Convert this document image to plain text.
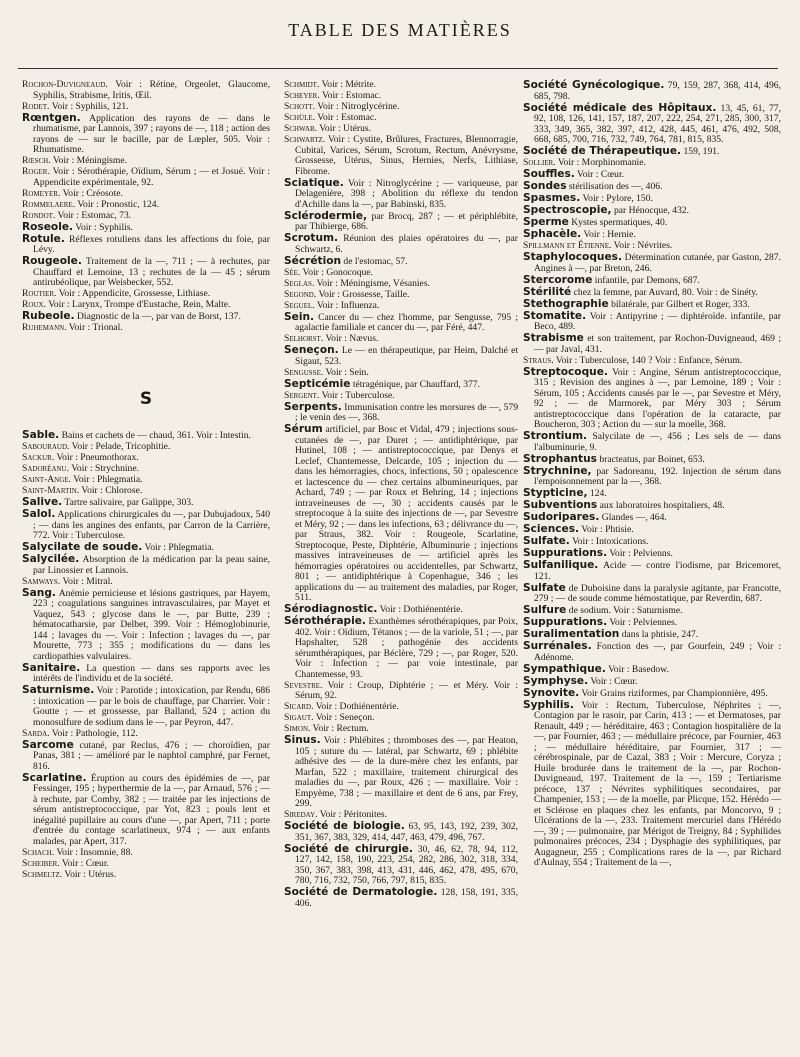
TABLE DES MATIÈRES
Rochon-Duvigneaud. Voir : Rétine, Orgeolet, Glaucome, Syphilis, Strabisme, Iritis, Œil.
Rodet. Voir : Syphilis, 121.
Rœntgen. Application des rayons de — dans le rhumatisme, par Lannois, 397 ; rayons de —, 118 ; action des rayons de — sur le bacille, par de Lœpler, 505. Voir : Rhumatisme.
Rœsch. Voir : Méningisme.
Roger. Voir : Sérothérapie, Oïdium, Sérum ; — et Josué. Voir : Appendicite expérimentale, 92.
Romeyer. Voir : Créosote.
Rommelaere. Voir : Pronostic, 124.
Rondot. Voir : Estomac, 73.
Roseole. Voir : Syphilis.
Rotule. Réflexes rotuliens dans les affections du foie, par Lévy.
Rougeole. Traitement de la —, 711 ; — à rechutes, par Chauffard et Lemoine, 13 ; rechutes de la — 45 ; sérum antirubéolique, par Weisbecker, 552.
Routier. Voir : Appendicite, Grossesse, Lithiase.
Roux. Voir : Larynx, Trompe d'Eustache, Rein, Malte.
Rubeole. Diagnostic de la —, par van de Borst, 137.
Ruhemann. Voir : Trional.
S
Sable. Bains et cachets de — chaud, 361. Voir : Intestin.
Sabouraud. Voir : Pelade, Tricophitie.
Sackur. Voir : Pneumothorax.
Sadoréanu. Voir : Strychnine.
Saint-Ange. Voir : Phlegmatia.
Saint-Martin. Voir : Chlorose.
Salive. Tartre salivaire, par Galippe, 303.
Salol. Applications chirurgicales du —, par Dubujadoux, 540 ; — dans les angines des enfants, par Carron de la Carrière, 772. Voir : Tuberculose.
Salycilate de soude. Voir : Phlegmatia.
Salycilée. Absorption de la médication par la peau saine, par Linossier et Lannois.
Samways. Voir : Mitral.
Sang. Anémie pernicieuse et lésions gastriques, par Hayem, 223 ; coagulations sanguines intravasculaires, par Mayet et Vaquez, 543 ; glycose dans le —, par Butte, 239 ; hématocatharsie, par Delbet, 399. Voir : Hémoglobinurie, 144 ; lavages du —. Voir : Infection ; lavages du —, par Mourette, 773 ; 355 ; modifications du — dans les cardiopathies valvulaires.
Sanitaire. La question — dans ses rapports avec les intérêts de l'individu et de la société.
Saturnisme. Voir : Parotide ; intoxication, par Rendu, 686 : intoxication — par le bois de chauffage, par Charrier. Voir : Goutte ; — et grossesse, par Balland, 524 ; action du monosulfure de sodium dans le —, par Peyron, 447.
Sarda. Voir : Pathologie, 112.
Sarcome cutané, par Reclus, 476 ; — choroïdien, par Panas, 381 ; — amélioré par le naphtol camphré, par Fernet, 816.
Scarlatine. Éruption au cours des épidémies de —, par Fessinger, 195 ; hyperthermie de la —, par Arnaud, 576 ; — à rechute, par Comby, 382 ; — traitée par les injections de sérum antistreptococcique, par Yot, 823 ; pouls lent et inégalité pupillaire au cours d'une —, par Apert, 711 ; porte d'entrée du contage scarlatineux, 974 ; — aux enfants malades, par Apert, 317.
Schach. Voir : Insomnie, 88.
Scheiber. Voir : Cœur.
Schmeltz. Voir : Utérus.
Schmidt. Voir : Métrite.
Scheyer. Voir : Estomac.
Schott. Voir : Nitroglycérine.
Schüle. Voir : Estomac.
Schwab. Voir : Utérus.
Schwartz. Voir : Cystite, Brûlures, Fractures, Blennorragie, Cubital, Varices, Sérum, Scrotum, Rectum, Anévrysme, Grossesse, Utérus, Sinus, Hernies, Nerfs, Lithiase, Fibrome.
Sciatique. Voir : Nitroglycérine ; — variqueuse, par Delagenière, 398 ; Abolition du réflexe du tendon d'Achille dans la —, par Babinski, 835.
Sclérodermie, par Brocq, 287 ; — et périphlébite, par Thibierge, 686.
Scrotum. Réunion des plaies opératoires du —, par Schwartz, 6.
Sécrétion de l'estomac, 57.
Sée. Voir : Gonocoque.
Seglas. Voir : Méningisme, Vésanies.
Segond. Voir : Grossesse, Taille.
Seguel. Voir : Influenza.
Sein. Cancer du — chez l'homme, par Sengusse, 795 ; agalactie familiale et cancer du —, par Féré, 447.
Selhorst. Voir : Nævus.
Seneçon. Le — en thérapeutique, par Heim, Dalché et Sigaut, 523.
Sengusse. Voir : Sein.
Septicémie tétragénique, par Chauffard, 377.
Sergent. Voir : Tuberculose.
Serpents. Immunisation contre les morsures de —, 579 ; le venin des —, 368.
Sérum artificiel, par Bosc et Vidal, 479 ; injections sous-cutanées de —, par Duret ; — antidiphtérique, par Hutinel, 108 ; — antistreptococcique, par Denys et Leclef, Chantemesse, Delcarde, 105 ; injection du — dans les hémorragies, chocs, infections, 50 ; opalescence et lactescence du — chez certains albumineuriques, par Achard, 749 ; — par Roux et Behring, 14 ; injections intraveineuses de —, 30 ; accidents causés par le streptocoque à la suite des injections de —, par Sevestre et Méry, 92 ; — dans les infections, 63 ; délivrance du —, par Straus, 382. Voir : Rougeole, Scarlatine, Streptocoque, Peste, Diphtérie, Albuminurie ; injections massives intraveineuses de — artificiel après les hémorragies opératoires ou accidentelles, par Schwartz, 801 ; — antidiphtérique à Copenhague, 346 ; les applications du — au traitement des maladies, par Roger, 511.
Sérodiagnostic. Voir : Dothiénentérie.
Sérothérapie. Exanthèmes sérothérapiques, par Poix, 402. Voir : Oïdium, Tétanos ; — de la variole, 51 ; —, par Hapshalter, 528 ; pathogénie des accidents sérumthérapiques, par Béclère, 729 ; —, par Roger, 520. Voir : Infection ; — par voie intestinale, par Chantemesse, 93.
Sevestre. Voir : Croup, Diphtérie ; — et Méry. Voir : Sérum, 92.
Sicard. Voir : Dothiénentérie.
Sigaut. Voir : Seneçon.
Simon. Voir : Rectum.
Sinus. Voir : Phlébites ; thromboses des —, par Heaton, 105 ; suture du — latéral, par Schwartz, 69 ; phlébite adhésive des — de la dure-mère chez les enfants, par Marfan, 522 ; maxillaire, traitement chirurgical des maladies du —, par Roux, 426 ; — maxillaire. Voir : Empyème, 738 ; — maxillaire et dent de 6 ans, par Frey, 299.
Sireday. Voir : Péritonites.
Société de biologie. 63, 95, 143, 192, 239, 302, 351, 367, 383, 329, 414, 447, 463, 479, 496, 767.
Société de chirurgie. 30, 46, 62, 78, 94, 112, 127, 142, 158, 190, 223, 254, 282, 286, 302, 318, 334, 350, 367, 383, 398, 413, 431, 446, 462, 478, 495, 670, 780, 716, 732, 750, 766, 797, 815, 835.
Société de Dermatologie. 128, 158, 191, 335, 406.
Société Gynécologique. 79, 159, 287, 368, 414, 496, 685, 798.
Société médicale des Hôpitaux. 13, 45, 61, 77, 92, 108, 126, 141, 157, 187, 207, 222, 254, 271, 285, 300, 317, 333, 349, 365, 382, 397, 412, 428, 445, 461, 476, 492, 508, 668, 685, 700, 716, 732, 749, 764, 781, 815, 835.
Société de Thérapeutique. 159, 191.
Sollier. Voir : Morphinomanie.
Souffles. Voir : Cœur.
Sondes stérilisation des —, 406.
Spasmes. Voir : Pylore, 150.
Spectroscopie, par Hénocque, 432.
Sperme Kystes spermatiques, 40.
Sphacèle. Voir : Hernie.
Spillmann et Étienne. Voir : Névrites.
Staphylocoques. Détermination cutanée, par Gaston, 287. Angines à —, par Breton, 246.
Stercorome infantile, par Demons, 687.
Stérilité chez la femme, par Auvard, 80. Voir : de Sinéty.
Stethographie bilatérale, par Gilbert et Roger, 333.
Stomatite. Voir : Antipyrine ; — diphtéroïde. infantile, par Beco, 489.
Strabisme et son traitement, par Rochon-Duvigneaud, 469 ; — par Javal, 431.
Straus. Voir : Tuberculose, 140 ? Voir : Enfance, Sérum.
Streptocoque. Voir : Angine, Sérum antistreptococcique, 315 ; Revision des angines à —, par Lemoine, 189 ; Voir : Sérum, 105 ; Accidents causés par le —, par Sevestre et Méry, 92 ; — de Marmorek, par Méry 303 ; Sérum antistreptococcique dans l'opération de la cataracte, par Boucheron, 303 ; Action du — sur la moelle, 368.
Strontium. Salycilate de —, 456 ; Les sels de — dans l'albuminurie, 9.
Strophantus bracteatus, par Boinet, 653.
Strychnine, par Sadoreanu, 192. Injection de sérum dans l'empoisonnement par la —, 368.
Stypticine, 124.
Subventions aux laboratoires hospitaliers, 48.
Sudoripares. Glandes —, 464.
Sciences. Voir : Phtisie.
Sulfate. Voir : Intoxications.
Suppurations. Voir : Pelvienns.
Sulfanilique. Acide — contre l'iodisme, par Bricemoret, 121.
Sulfate de Duboisine dans la paralysie agitante, par Francotte, 279 ; — de soude comme hémostatique, par Reverdin, 687.
Sulfure de sodium. Voir : Saturnisme.
Suppurations. Voir : Pelviennes.
Suralimentation dans la phtisie, 247.
Surrénales. Fonction des —, par Gourfein, 249 ; Voir : Adénome.
Sympathique. Voir : Basedow.
Symphyse. Voir : Cœur.
Synovite. Voir Grains riziformes, par Championnière, 495.
Syphilis. Voir : Rectum, Tuberculose, Néphrites ; —, Contagion par le rasoir, par Carin, 413 ; — et Dermatoses, par Renault, 449 ; — héréditaire, 463 ; Contagion hospitalière de la —, par Fournier, 463 ; — médullaire précoce, par Fournier, 463 ; — médullaire héréditaire, par Fournier, 317 ; — cérébrospinale, par de Cazal, 383 ; Voir : Mercure, Coryza ; Huile brodurée dans le traitement de la —, par Rochon-Duvigneaud, 197. Traitement de la —, 159 ; Tertiarisme précoce, 137 ; Névrites syphilitiques secondaires, par Champenier, 153 ; — de la moelle, par Plicque, 152. Hérédo — et Sclérose en plaques chez les enfants, par Moncorvo, 9 ; Ulcérations de la —, 233. Traitement mercuriel dans l'Hérédo —, 39 ; — pulmonaire, par Mérigot de Treigny, 84 ; Syphilides pulmonaires précoces, 234 ; Dysphagie des syphilitiques, par Augagneur, 255 ; Complications rares de la —, par Richard d'Aulnay, 554 ; Traitement de la —,
